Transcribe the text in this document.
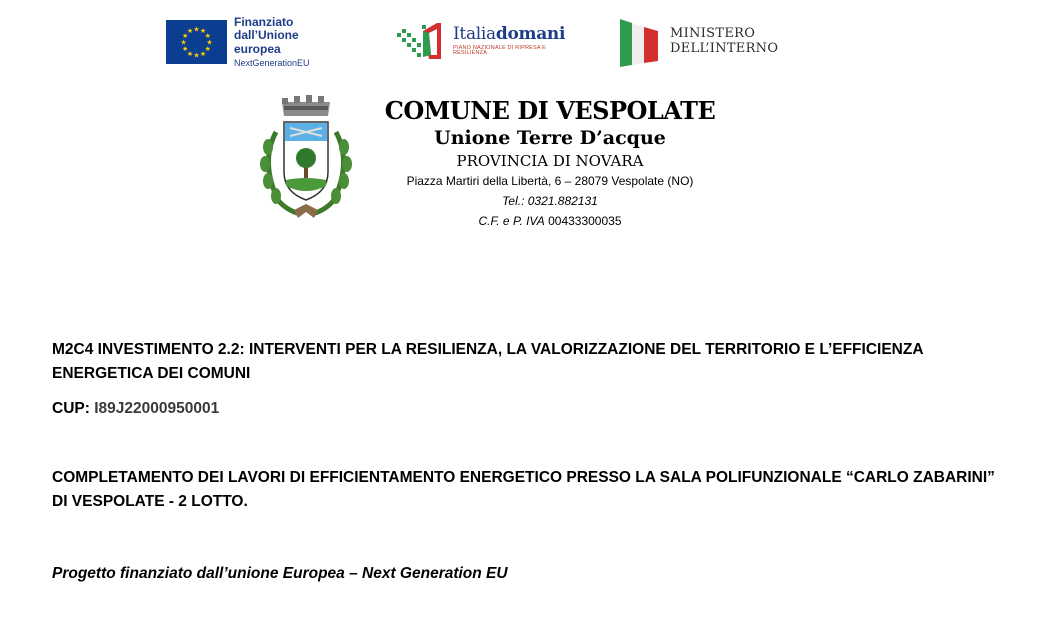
★ ★
★
★
★
★
★
★
★
★
★
★
Finanziato
dall’Unione europea
NextGenerationEU
Italiadomani
PIANO NAZIONALE DI RIPRESA E RESILIENZA
MINISTERO
DELL’INTERNO
COMUNE DI VESPOLATE
Unione Terre D’acque
PROVINCIA DI NOVARA
Piazza Martiri della Libertà, 6 – 28079 Vespolate (NO)
Tel.: 0321.882131
C.F. e P. IVA 00433300035
M2C4 INVESTIMENTO 2.2: INTERVENTI PER LA RESILIENZA, LA VALORIZZAZIONE DEL TERRITORIO E L’EFFICIENZA ENERGETICA DEI COMUNI
CUP: I89J22000950001
COMPLETAMENTO DEI LAVORI DI EFFICIENTAMENTO ENERGETICO PRESSO LA SALA POLIFUNZIONALE “CARLO ZABARINI” DI VESPOLATE - 2 LOTTO.
Progetto finanziato dall’unione Europea – Next Generation EU
